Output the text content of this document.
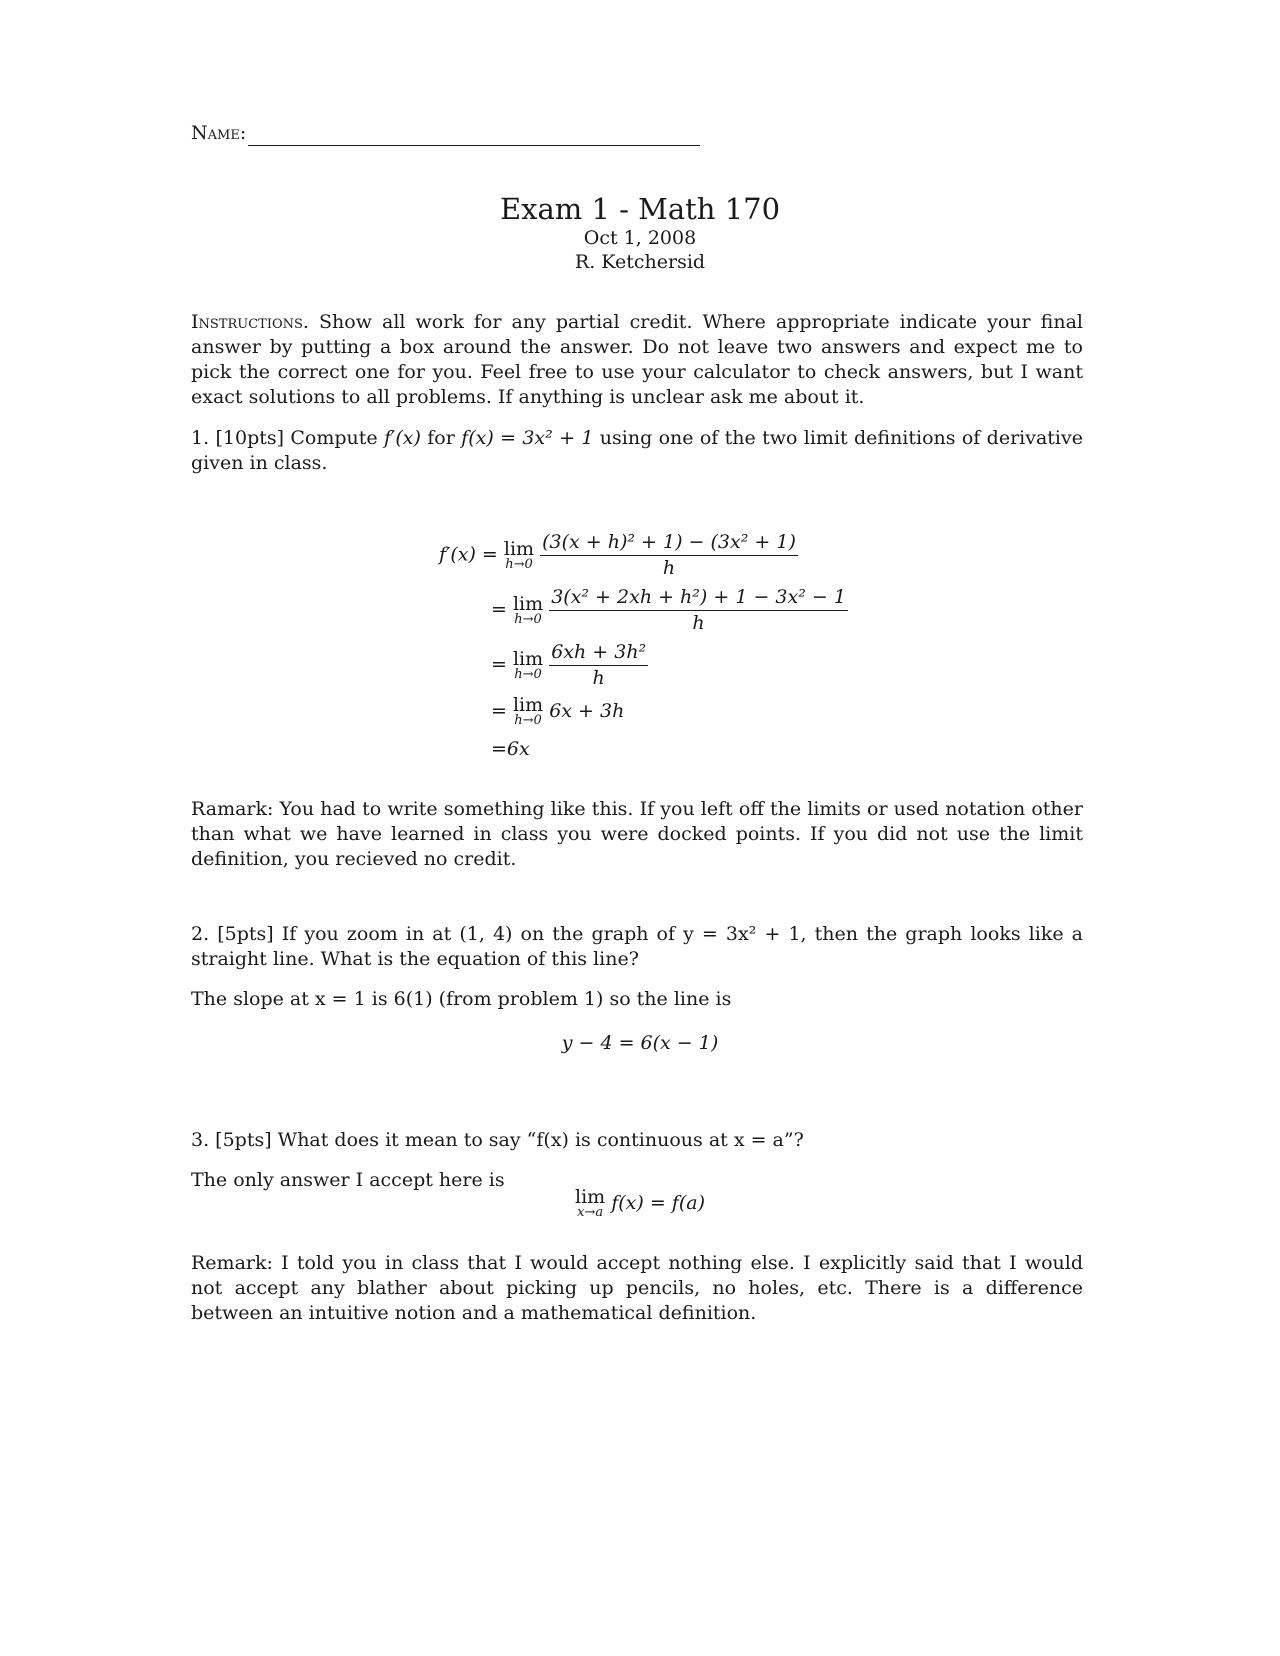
Name:
Exam 1 - Math 170
Oct 1, 2008
R. Ketchersid
Instructions. Show all work for any partial credit. Where appropriate indicate your final answer by putting a box around the answer. Do not leave two answers and expect me to pick the correct one for you. Feel free to use your calculator to check answers, but I want exact solutions to all problems. If anything is unclear ask me about it.
1. [10pts] Compute f′(x) for f(x) = 3x² + 1 using one of the two limit definitions of derivative given in class.
f′(x) = lim
h→0
$\frac{\text{(3(x + h)² + 1) − (3x² + 1)}}{h}$
= lim
h→0
$\frac{\text{3(x² + 2xh + h²) + 1 − 3x² − 1}}{h}$
= lim
h→0
$\frac{\text{6xh + 3h²}}{h}$
= lim
h→0 6x + 3h
=6x
Ramark: You had to write something like this. If you left off the limits or used notation other than what we have learned in class you were docked points. If you did not use the limit definition, you recieved no credit.
2. [5pts] If you zoom in at (1, 4) on the graph of y = 3x² + 1, then the graph looks like a straight line. What is the equation of this line?
The slope at x = 1 is 6(1) (from problem 1) so the line is
y − 4 = 6(x − 1)
3. [5pts] What does it mean to say “f(x) is continuous at x = a”?
The only answer I accept here is
lim
x→a f(x) = f(a)
Remark: I told you in class that I would accept nothing else. I explicitly said that I would not accept any blather about picking up pencils, no holes, etc. There is a difference between an intuitive notion and a mathematical definition.
